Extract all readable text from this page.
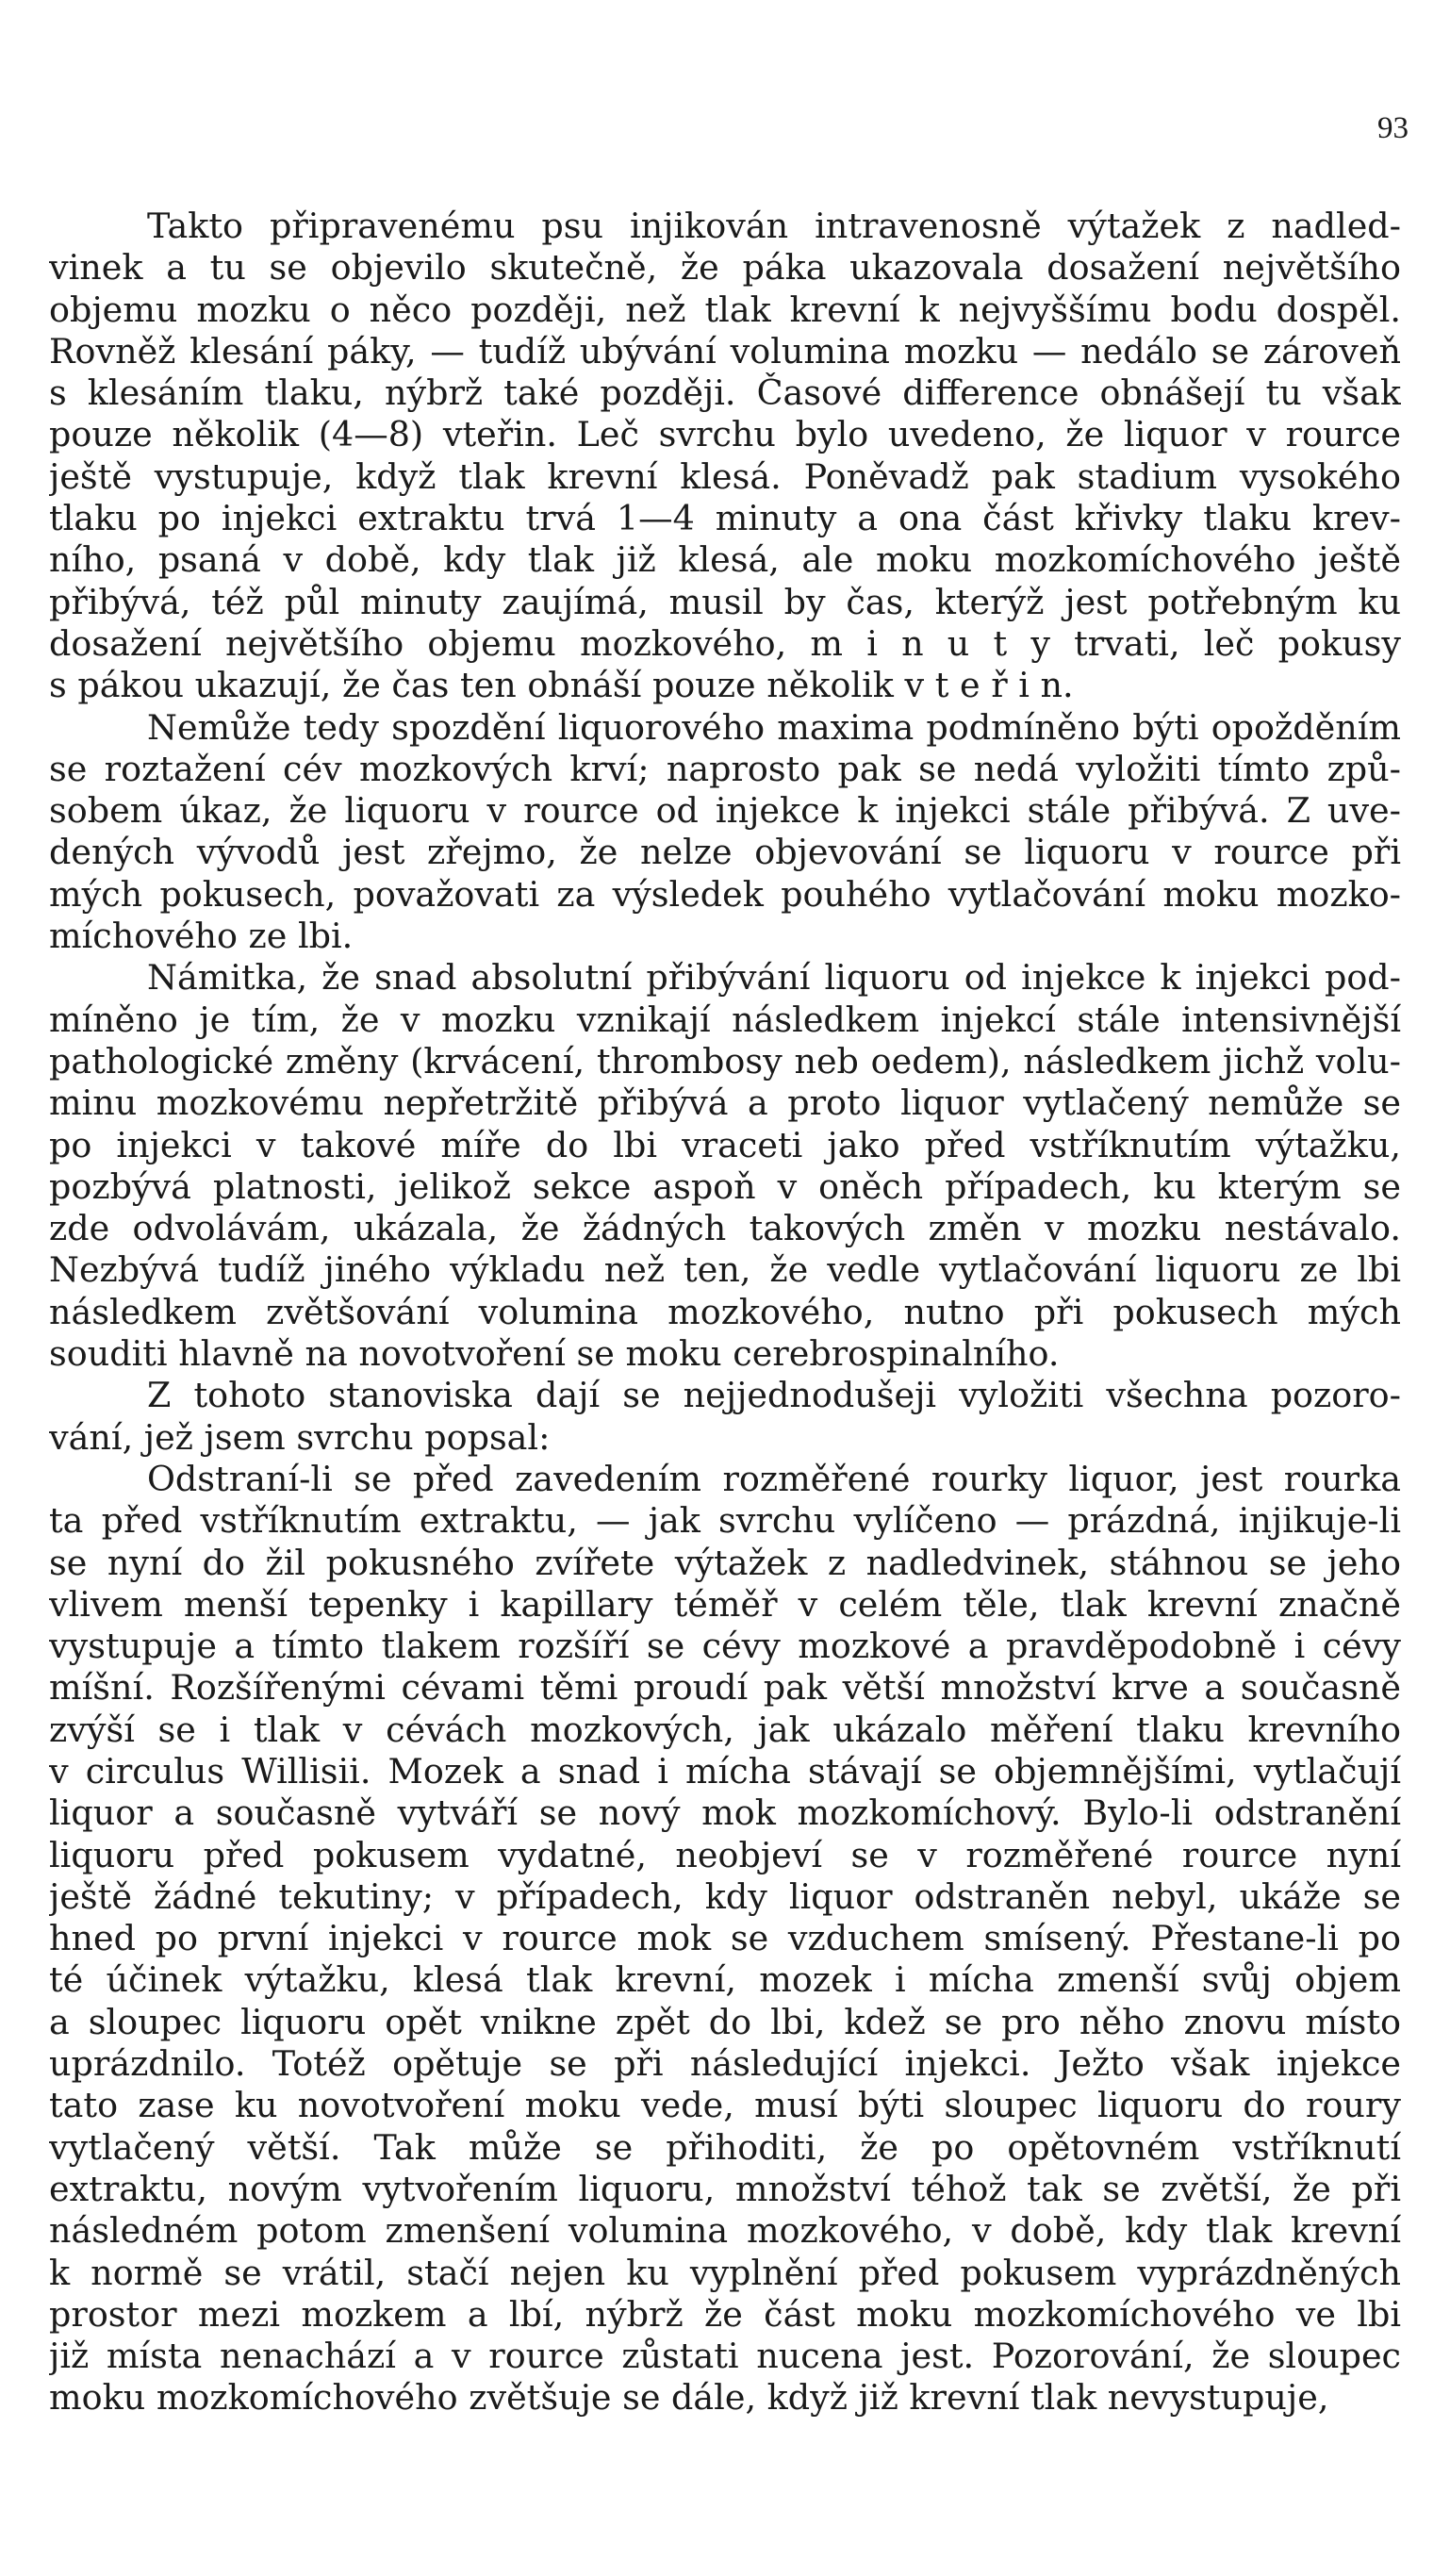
93
Takto připravenému psu injikován intravenosně výtažek z nadled-
vinek a tu se objevilo skutečně, že páka ukazovala dosažení největšího
objemu mozku o něco později, než tlak krevní k nejvyššímu bodu dospěl.
Rovněž klesání páky, — tudíž ubývání volumina mozku — nedálo se zároveň
s klesáním tlaku, nýbrž také později. Časové difference obnášejí tu však
pouze několik (4—8) vteřin. Leč svrchu bylo uvedeno, že liquor v rource
ještě vystupuje, když tlak krevní klesá. Poněvadž pak stadium vysokého
tlaku po injekci extraktu trvá 1—4 minuty a ona část křivky tlaku krev-
ního, psaná v době, kdy tlak již klesá, ale moku mozkomíchového ještě
přibývá, též půl minuty zaujímá, musil by čas, kterýž jest potřebným ku
dosažení největšího objemu mozkového, m i n u t y trvati, leč pokusy
s pákou ukazují, že čas ten obnáší pouze několik v t e ř i n.
Nemůže tedy spozdění liquorového maxima podmíněno býti opožděním
se roztažení cév mozkových krví; naprosto pak se nedá vyložiti tímto způ-
sobem úkaz, že liquoru v rource od injekce k injekci stále přibývá. Z uve-
dených vývodů jest zřejmo, že nelze objevování se liquoru v rource při
mých pokusech, považovati za výsledek pouhého vytlačování moku mozko-
míchového ze lbi.
Námitka, že snad absolutní přibývání liquoru od injekce k injekci pod-
míněno je tím, že v mozku vznikají následkem injekcí stále intensivnější
pathologické změny (krvácení, thrombosy neb oedem), následkem jichž volu-
minu mozkovému nepřetržitě přibývá a proto liquor vytlačený nemůže se
po injekci v takové míře do lbi vraceti jako před vstříknutím výtažku,
pozbývá platnosti, jelikož sekce aspoň v oněch případech, ku kterým se
zde odvolávám, ukázala, že žádných takových změn v mozku nestávalo.
Nezbývá tudíž jiného výkladu než ten, že vedle vytlačování liquoru ze lbi
následkem zvětšování volumina mozkového, nutno při pokusech mých
souditi hlavně na novotvoření se moku cerebrospinalního.
Z tohoto stanoviska dají se nejjednodušeji vyložiti všechna pozoro-
vání, jež jsem svrchu popsal:
Odstraní-li se před zavedením rozměřené rourky liquor, jest rourka
ta před vstříknutím extraktu, — jak svrchu vylíčeno — prázdná, injikuje-li
se nyní do žil pokusného zvířete výtažek z nadledvinek, stáhnou se jeho
vlivem menší tepenky i kapillary téměř v celém těle, tlak krevní značně
vystupuje a tímto tlakem rozšíří se cévy mozkové a pravděpodobně i cévy
míšní. Rozšířenými cévami těmi proudí pak větší množství krve a současně
zvýší se i tlak v cévách mozkových, jak ukázalo měření tlaku krevního
v circulus Willisii. Mozek a snad i mícha stávají se objemnějšími, vytlačují
liquor a současně vytváří se nový mok mozkomíchový. Bylo-li odstranění
liquoru před pokusem vydatné, neobjeví se v rozměřené rource nyní
ještě žádné tekutiny; v případech, kdy liquor odstraněn nebyl, ukáže se
hned po první injekci v rource mok se vzduchem smísený. Přestane-li po
té účinek výtažku, klesá tlak krevní, mozek i mícha zmenší svůj objem
a sloupec liquoru opět vnikne zpět do lbi, kdež se pro něho znovu místo
uprázdnilo. Totéž opětuje se při následující injekci. Ježto však injekce
tato zase ku novotvoření moku vede, musí býti sloupec liquoru do roury
vytlačený větší. Tak může se přihoditi, že po opětovném vstříknutí
extraktu, novým vytvořením liquoru, množství téhož tak se zvětší, že při
následném potom zmenšení volumina mozkového, v době, kdy tlak krevní
k normě se vrátil, stačí nejen ku vyplnění před pokusem vyprázdněných
prostor mezi mozkem a lbí, nýbrž že část moku mozkomíchového ve lbi
již místa nenachází a v rource zůstati nucena jest. Pozorování, že sloupec
moku mozkomíchového zvětšuje se dále, když již krevní tlak nevystupuje,
